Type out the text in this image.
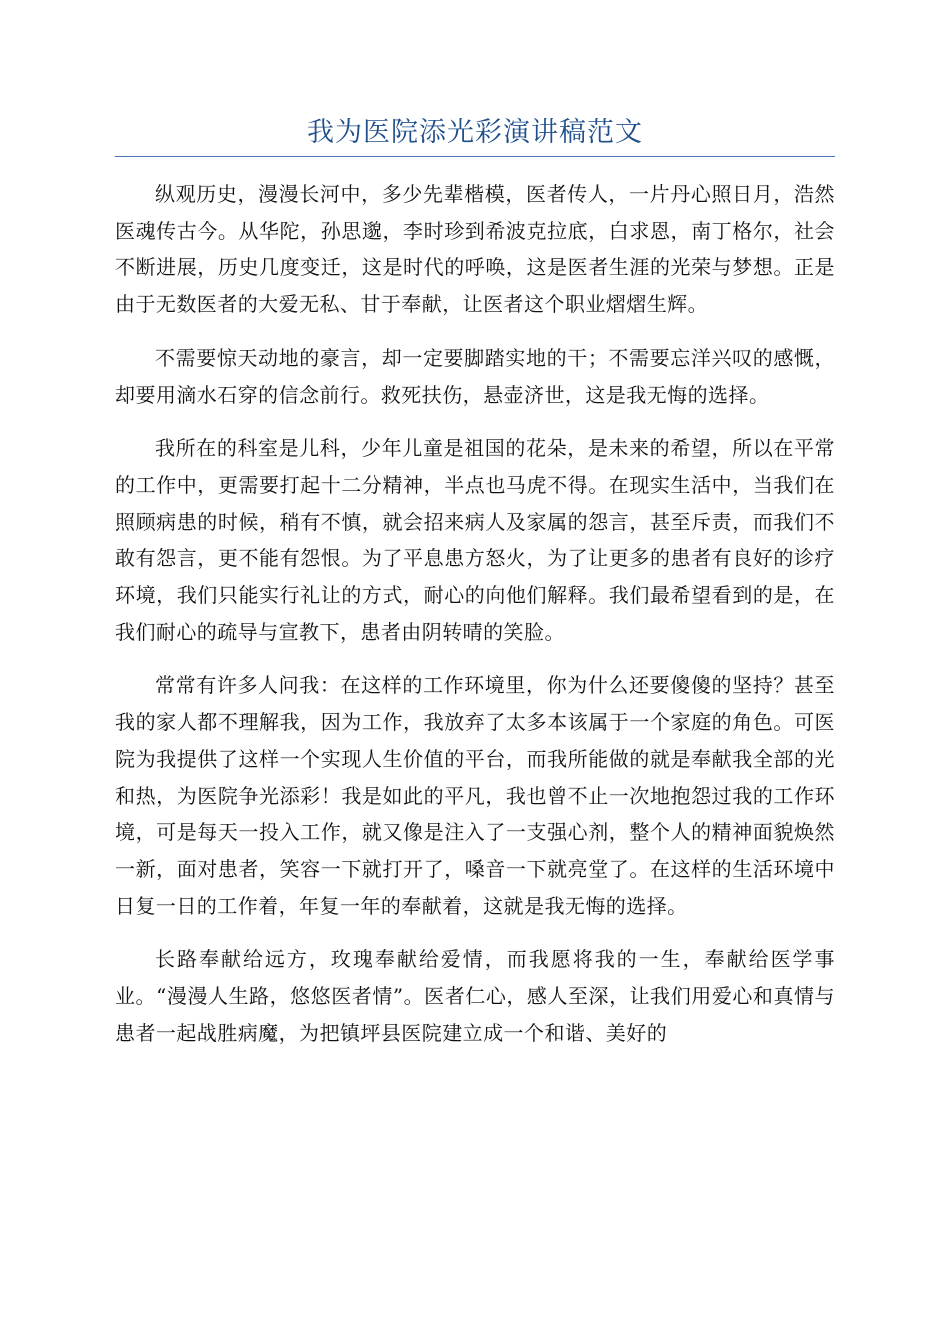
我为医院添光彩演讲稿范文

纵观历史，漫漫长河中，多少先辈楷模，医者传人，一片丹心照日月，浩然医魂传古今。从华陀，孙思邈，李时珍到希波克拉底，白求恩，南丁格尔，社会不断进展，历史几度变迁，这是时代的呼唤，这是医者生涯的光荣与梦想。正是由于无数医者的大爱无私、甘于奉献，让医者这个职业熠熠生辉。

不需要惊天动地的豪言，却一定要脚踏实地的干；不需要忘洋兴叹的感慨，却要用滴水石穿的信念前行。救死扶伤，悬壶济世，这是我无悔的选择。

我所在的科室是儿科，少年儿童是祖国的花朵，是未来的希望，所以在平常的工作中，更需要打起十二分精神，半点也马虎不得。在现实生活中，当我们在照顾病患的时候，稍有不慎，就会招来病人及家属的怨言，甚至斥责，而我们不敢有怨言，更不能有怨恨。为了平息患方怒火，为了让更多的患者有良好的诊疗环境，我们只能实行礼让的方式，耐心的向他们解释。我们最希望看到的是，在我们耐心的疏导与宣教下，患者由阴转晴的笑脸。

常常有许多人问我：在这样的工作环境里，你为什么还要傻傻的坚持？甚至我的家人都不理解我，因为工作，我放弃了太多本该属于一个家庭的角色。可医院为我提供了这样一个实现人生价值的平台，而我所能做的就是奉献我全部的光和热，为医院争光添彩！我是如此的平凡，我也曾不止一次地抱怨过我的工作环境，可是每天一投入工作，就又像是注入了一支强心剂，整个人的精神面貌焕然一新，面对患者，笑容一下就打开了，嗓音一下就亮堂了。在这样的生活环境中日复一日的工作着，年复一年的奉献着，这就是我无悔的选择。

长路奉献给远方，玫瑰奉献给爱情，而我愿将我的一生，奉献给医学事业。“漫漫人生路，悠悠医者情”。医者仁心，感人至深，让我们用爱心和真情与患者一起战胜病魔，为把镇坪县医院建立成一个和谐、美好的
